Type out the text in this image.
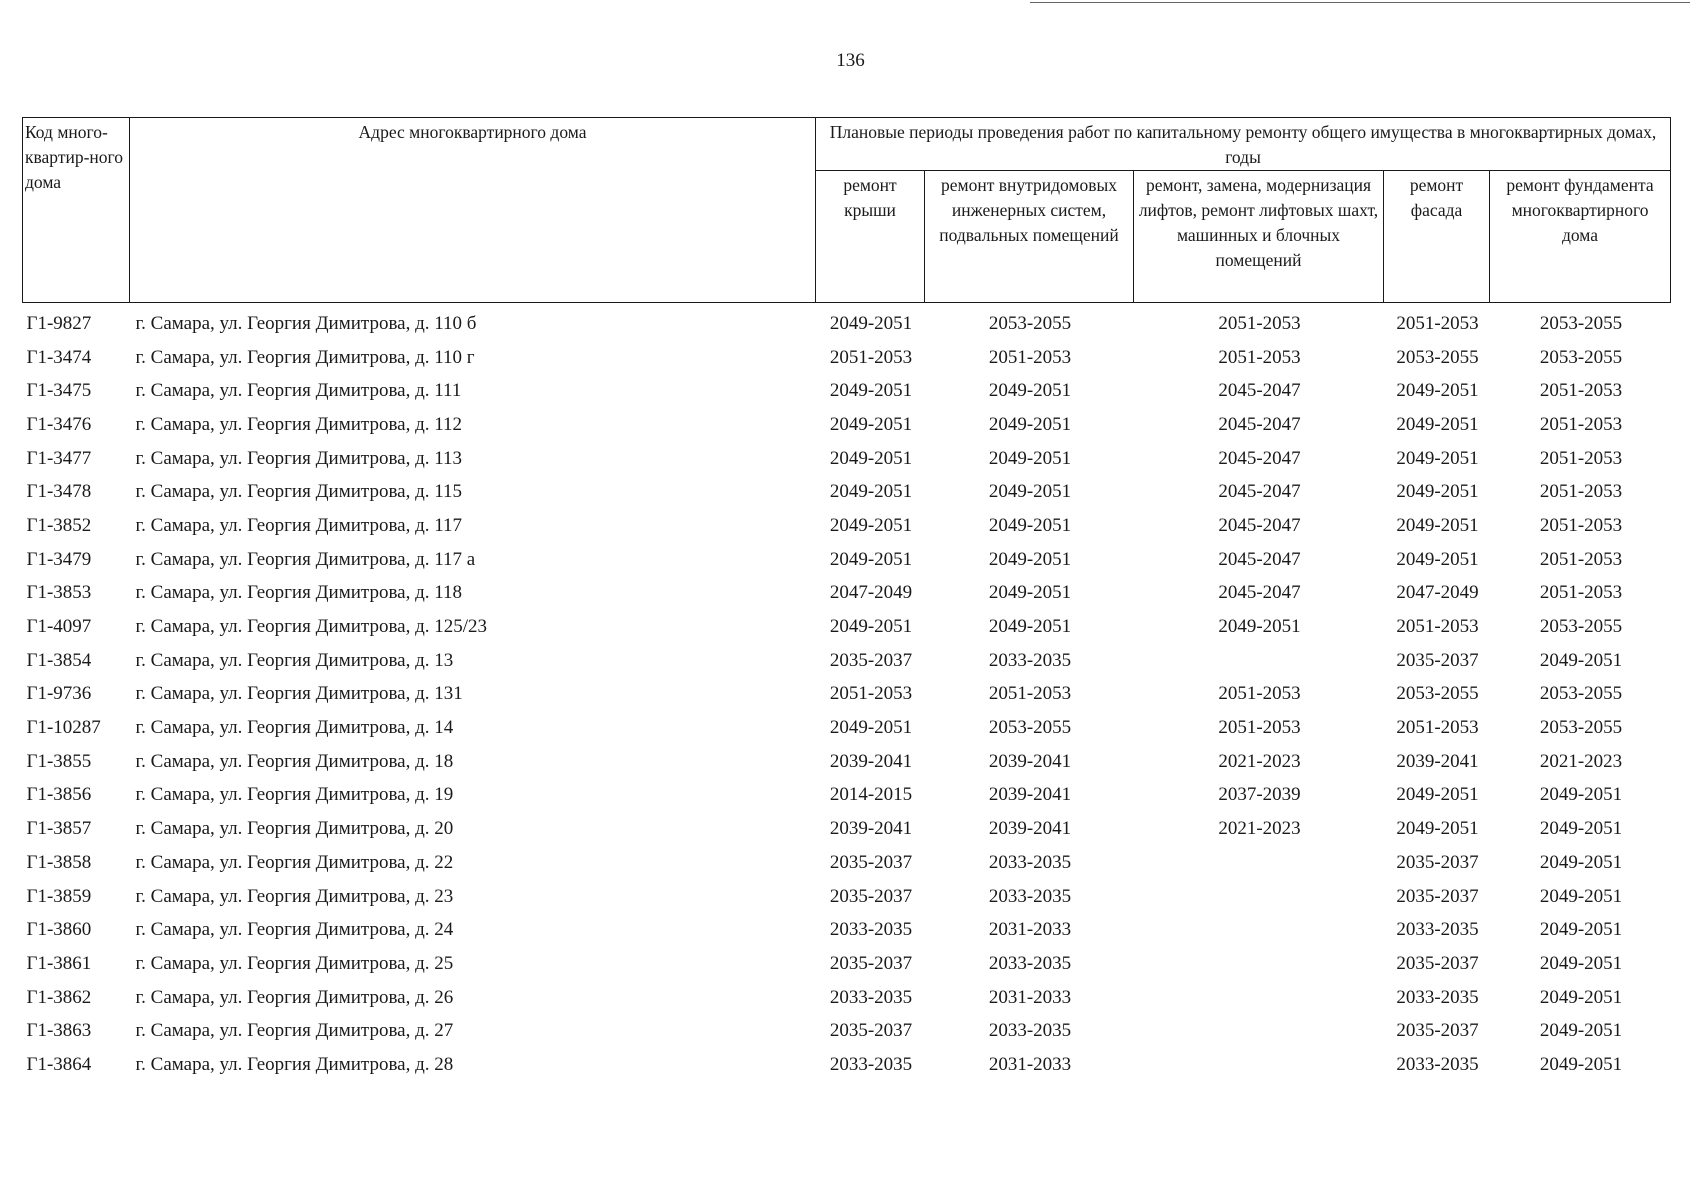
136
Код много-квартир-ного дома	Адрес многоквартирного дома	Плановые периоды проведения работ по капитальному ремонту общего имущества в многоквартирных домах, годы				
		ремонт крыши	ремонт внутридомовых инженерных систем, подвальных помещений	ремонт, замена, модернизация лифтов, ремонт лифтовых шахт, машинных и блочных помещений	ремонт фасада	ремонт фундамента многоквартирного дома
Г1-9827	г. Самара, ул. Георгия Димитрова, д. 110 б	2049-2051	2053-2055	2051-2053	2051-2053	2053-2055
Г1-3474	г. Самара, ул. Георгия Димитрова, д. 110 г	2051-2053	2051-2053	2051-2053	2053-2055	2053-2055
Г1-3475	г. Самара, ул. Георгия Димитрова, д. 111	2049-2051	2049-2051	2045-2047	2049-2051	2051-2053
Г1-3476	г. Самара, ул. Георгия Димитрова, д. 112	2049-2051	2049-2051	2045-2047	2049-2051	2051-2053
Г1-3477	г. Самара, ул. Георгия Димитрова, д. 113	2049-2051	2049-2051	2045-2047	2049-2051	2051-2053
Г1-3478	г. Самара, ул. Георгия Димитрова, д. 115	2049-2051	2049-2051	2045-2047	2049-2051	2051-2053
Г1-3852	г. Самара, ул. Георгия Димитрова, д. 117	2049-2051	2049-2051	2045-2047	2049-2051	2051-2053
Г1-3479	г. Самара, ул. Георгия Димитрова, д. 117 а	2049-2051	2049-2051	2045-2047	2049-2051	2051-2053
Г1-3853	г. Самара, ул. Георгия Димитрова, д. 118	2047-2049	2049-2051	2045-2047	2047-2049	2051-2053
Г1-4097	г. Самара, ул. Георгия Димитрова, д. 125/23	2049-2051	2049-2051	2049-2051	2051-2053	2053-2055
Г1-3854	г. Самара, ул. Георгия Димитрова, д. 13	2035-2037	2033-2035		2035-2037	2049-2051
Г1-9736	г. Самара, ул. Георгия Димитрова, д. 131	2051-2053	2051-2053	2051-2053	2053-2055	2053-2055
Г1-10287	г. Самара, ул. Георгия Димитрова, д. 14	2049-2051	2053-2055	2051-2053	2051-2053	2053-2055
Г1-3855	г. Самара, ул. Георгия Димитрова, д. 18	2039-2041	2039-2041	2021-2023	2039-2041	2021-2023
Г1-3856	г. Самара, ул. Георгия Димитрова, д. 19	2014-2015	2039-2041	2037-2039	2049-2051	2049-2051
Г1-3857	г. Самара, ул. Георгия Димитрова, д. 20	2039-2041	2039-2041	2021-2023	2049-2051	2049-2051
Г1-3858	г. Самара, ул. Георгия Димитрова, д. 22	2035-2037	2033-2035		2035-2037	2049-2051
Г1-3859	г. Самара, ул. Георгия Димитрова, д. 23	2035-2037	2033-2035		2035-2037	2049-2051
Г1-3860	г. Самара, ул. Георгия Димитрова, д. 24	2033-2035	2031-2033		2033-2035	2049-2051
Г1-3861	г. Самара, ул. Георгия Димитрова, д. 25	2035-2037	2033-2035		2035-2037	2049-2051
Г1-3862	г. Самара, ул. Георгия Димитрова, д. 26	2033-2035	2031-2033		2033-2035	2049-2051
Г1-3863	г. Самара, ул. Георгия Димитрова, д. 27	2035-2037	2033-2035		2035-2037	2049-2051
Г1-3864	г. Самара, ул. Георгия Димитрова, д. 28	2033-2035	2031-2033		2033-2035	2049-2051
